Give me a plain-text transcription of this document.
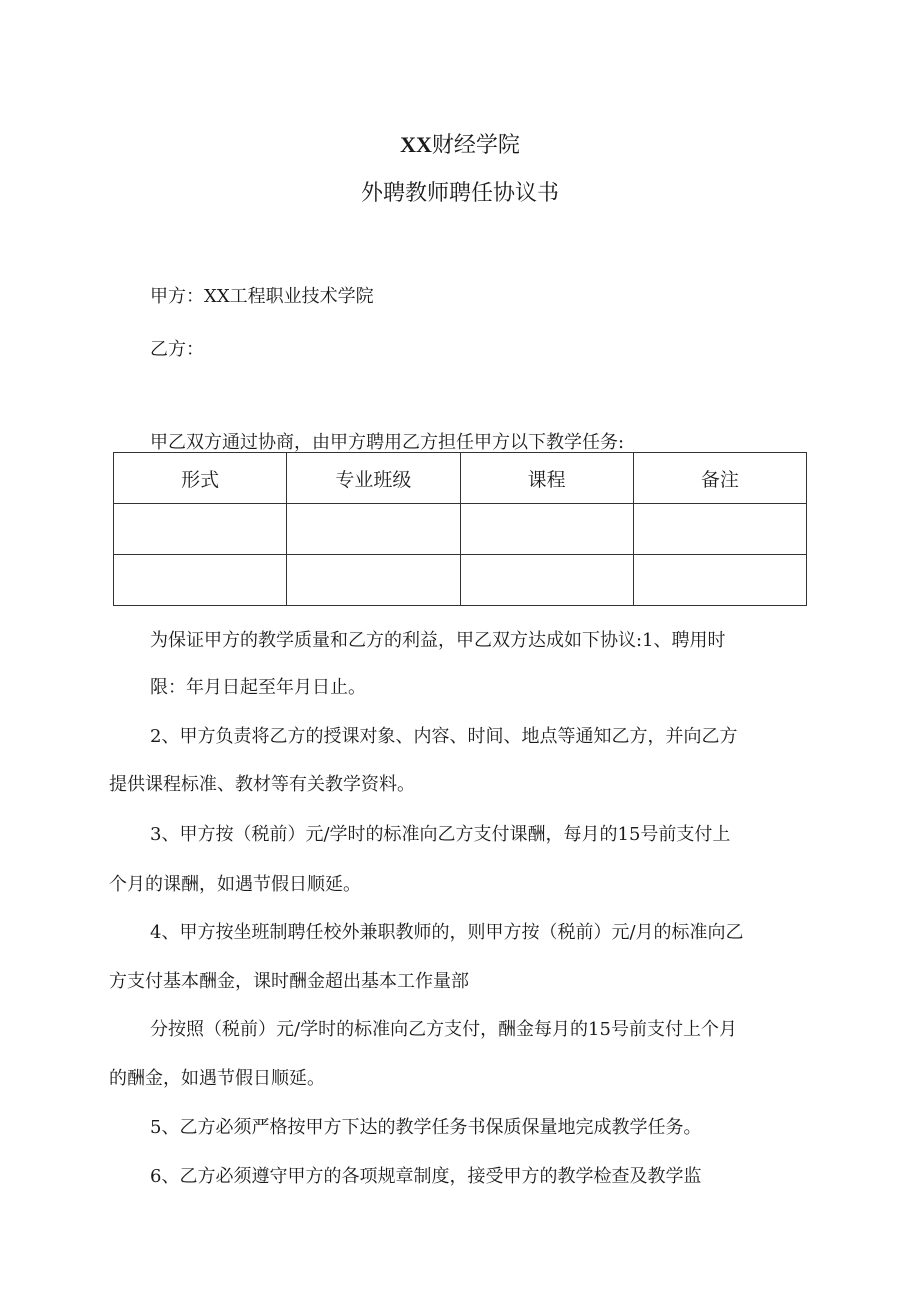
XX财经学院
外聘教师聘任协议书
甲方：XX工程职业技术学院
乙方：
甲乙双方通过协商，由甲方聘用乙方担任甲方以下教学任务:
形式	专业班级	课程	备注

为保证甲方的教学质量和乙方的利益，甲乙双方达成如下协议:1、聘用时
限：年月日起至年月日止。
2、甲方负责将乙方的授课对象、内容、时间、地点等通知乙方，并向乙方
提供课程标准、教材等有关教学资料。
3、甲方按（税前）元/学时的标准向乙方支付课酬，每月的15号前支付上
个月的课酬，如遇节假日顺延。
4、甲方按坐班制聘任校外兼职教师的，则甲方按（税前）元/月的标准向乙
方支付基本酬金，课时酬金超出基本工作量部
分按照（税前）元/学时的标准向乙方支付，酬金每月的15号前支付上个月
的酬金，如遇节假日顺延。
5、乙方必须严格按甲方下达的教学任务书保质保量地完成教学任务。
6、乙方必须遵守甲方的各项规章制度，接受甲方的教学检查及教学监
